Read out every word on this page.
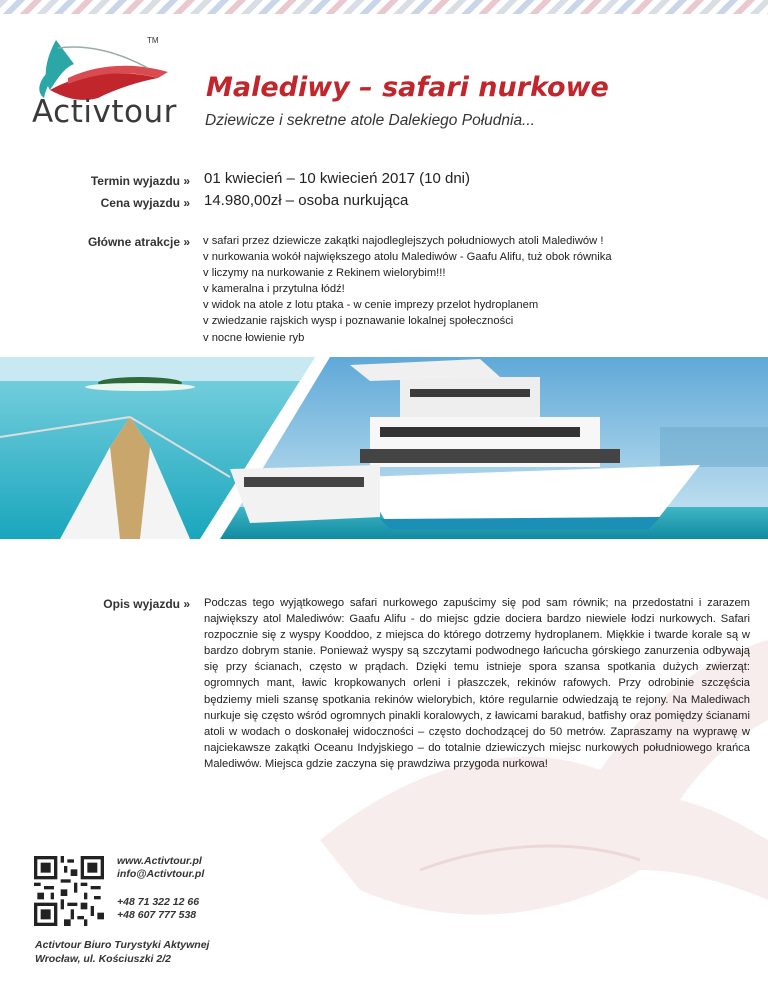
Activtour
TM
Malediwy – safari nurkowe
Dziewicze i sekretne atole Dalekiego Południa...
Termin wyjazdu » 01 kwiecień – 10 kwiecień 2017 (10 dni)
Cena wyjazdu » 14.980,00zł – osoba nurkująca
Główne atrakcje » v safari przez dziewicze zakątki najodleglejszych południowych atoli Malediwów !
v nurkowania wokół największego atolu Malediwów - Gaafu Alifu, tuż obok równika
v liczymy na nurkowanie z Rekinem wielorybim!!!
v kameralna i przytulna łódź!
v widok na atole z lotu ptaka - w cenie imprezy przelot hydroplanem
v zwiedzanie rajskich wysp i poznawanie lokalnej społeczności
v nocne łowienie ryb
Opis wyjazdu » Podczas tego wyjątkowego safari nurkowego zapuścimy się pod sam równik; na przedostatni i zarazem największy atol Malediwów: Gaafu Alifu - do miejsc gdzie dociera bardzo niewiele łodzi nurkowych. Safari rozpocznie się z wyspy Kooddoo, z miejsca do którego dotrzemy hydroplanem. Miękkie i twarde korale są w bardzo dobrym stanie. Ponieważ wyspy są szczytami podwodnego łańcucha górskiego zanurzenia odbywają się przy ścianach, często w prądach. Dzięki temu istnieje spora szansa spotkania dużych zwierząt: ogromnych mant, ławic kropkowanych orleni i płaszczek, rekinów rafowych. Przy odrobinie szczęścia będziemy mieli szansę spotkania rekinów wielorybich, które regularnie odwiedzają te rejony. Na Malediwach nurkuje się często wśród ogromnych pinakli koralowych, z ławicami barakud, batfishy oraz pomiędzy ścianami atoli w wodach o doskonałej widoczności – często dochodzącej do 50 metrów. Zapraszamy na wyprawę w najciekawsze zakątki Oceanu Indyjskiego – do totalnie dziewiczych miejsc nurkowych południowego krańca Malediwów. Miejsca gdzie zaczyna się prawdziwa przygoda nurkowa!
www.Activtour.pl
info@Activtour.pl
+48 71 322 12 66
+48 607 777 538
Activtour Biuro Turystyki Aktywnej
Wrocław, ul. Kościuszki 2/2
